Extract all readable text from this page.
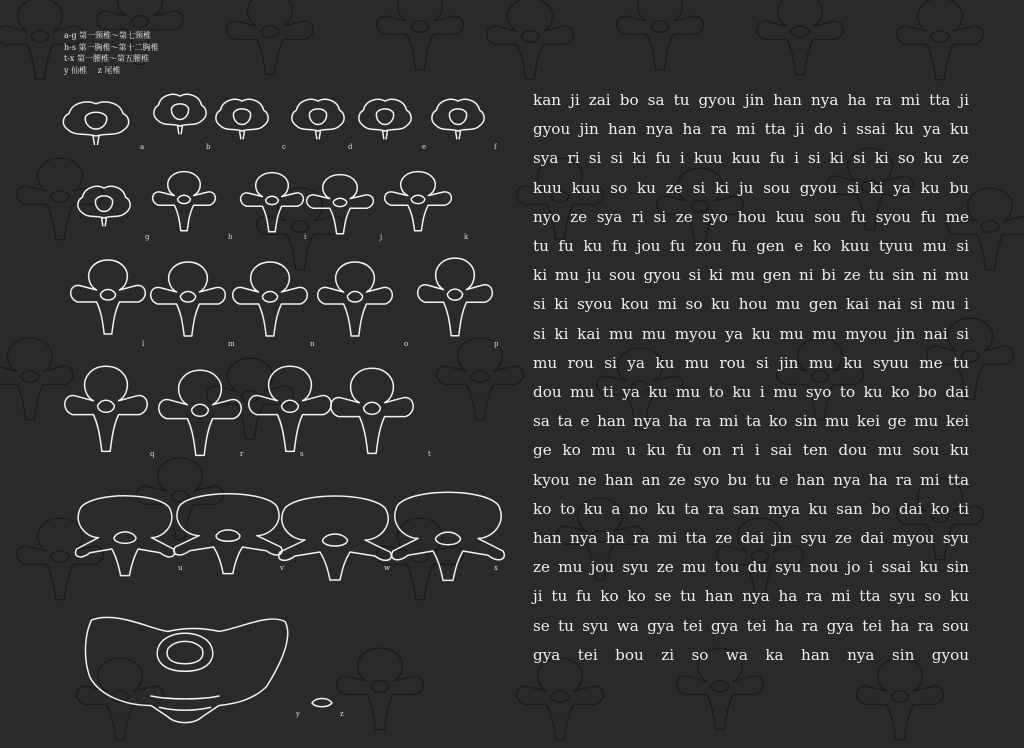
a-g 第一頸椎～第七頸椎
h-s 第一胸椎～第十二胸椎
t-x 第一腰椎～第五腰椎
y 仙椎　 z 尾椎
a	b	c	d	e	f
g	h	i	j	k
l	m	n	o	p
q	r	s	t
u	v	w	x
y	z
kan ji zai bo sa tu gyou jin han nya ha ra mi tta ji
gyou jin han nya ha ra mi tta ji do i ssai ku ya ku
sya ri si si ki fu i kuu kuu fu i si ki si ki so ku ze
kuu kuu so ku ze si ki ju sou gyou si ki ya ku bu
nyo ze sya ri si ze syo hou kuu sou fu syou fu me
tu fu ku fu jou fu zou fu gen e ko kuu tyuu mu si
ki mu ju sou gyou si ki mu gen ni bi ze tu sin ni mu
si ki syou kou mi so ku hou mu gen kai nai si mu i
si ki kai mu mu myou ya ku mu mu myou jin nai si
mu rou si ya ku mu rou si jin mu ku syuu me tu
dou mu ti ya ku mu to ku i mu syo to ku ko bo dai
sa ta e han nya ha ra mi ta ko sin mu kei ge mu kei
ge ko mu u ku fu on ri i sai ten dou mu sou ku
kyou ne han an ze syo bu tu e han nya ha ra mi tta
ko to ku a no ku ta ra san mya ku san bo dai ko ti
han nya ha ra mi tta ze dai jin syu ze dai myou syu
ze mu jou syu ze mu tou du syu nou jo i ssai ku sin
ji tu fu ko ko se tu han nya ha ra mi tta syu so ku
se tu syu wa gya tei gya tei ha ra gya tei ha ra sou
gya tei bou zi so wa ka han nya sin gyou
